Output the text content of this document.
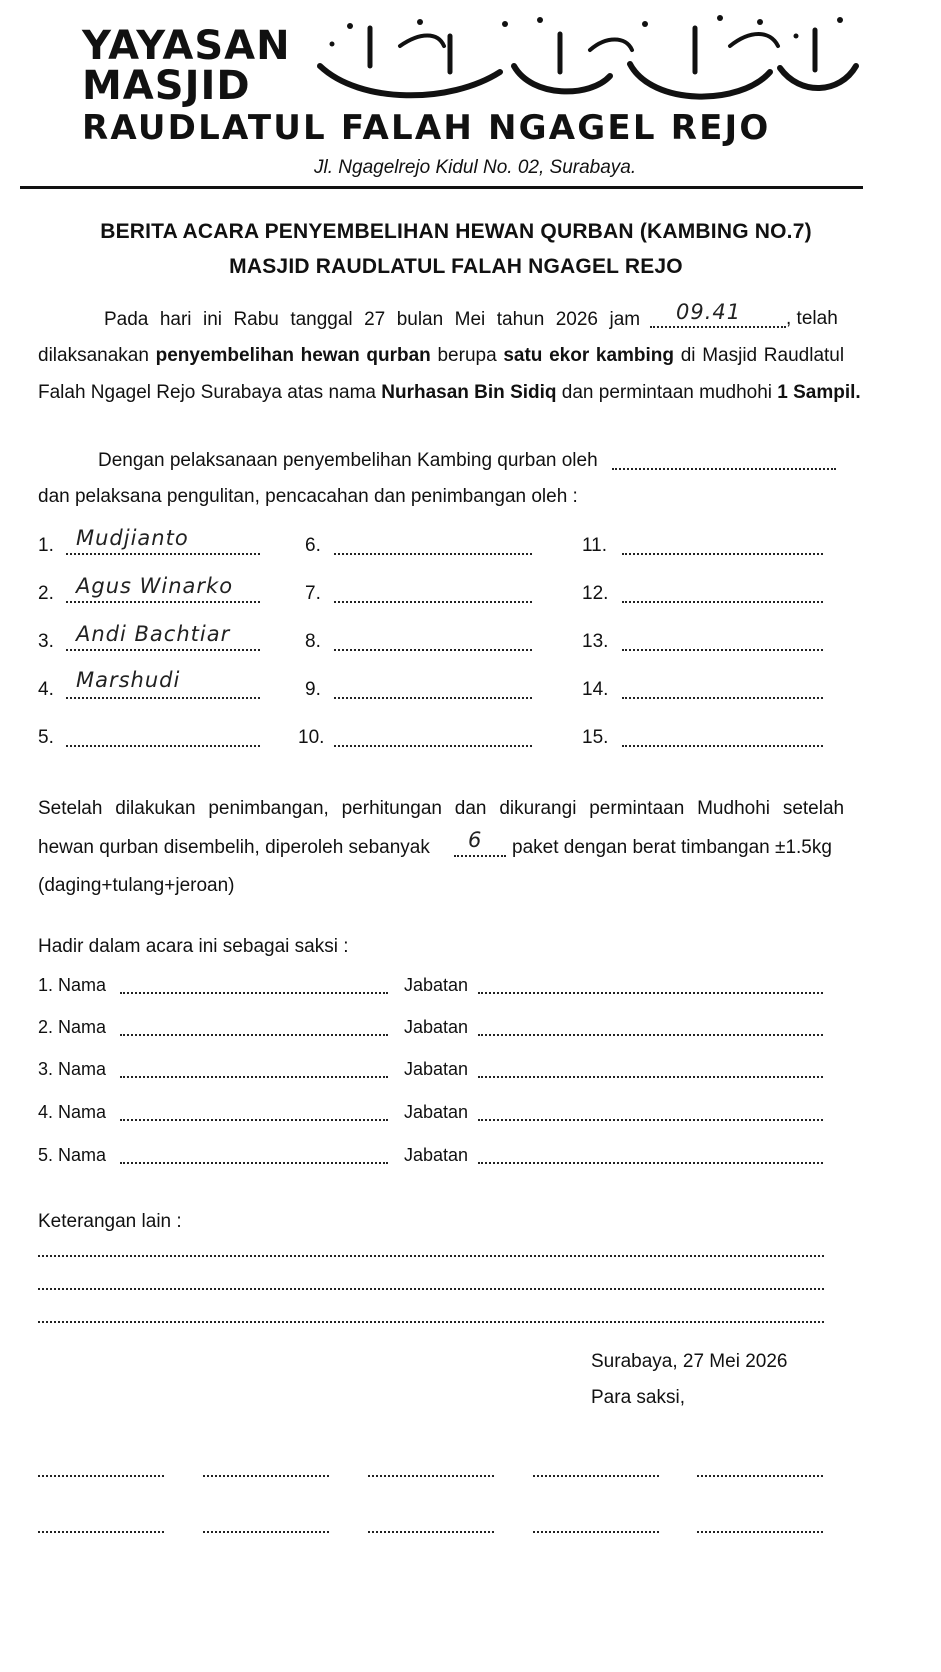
YAYASAN
MASJID
RAUDLATUL FALAH NGAGEL REJO
Jl. Ngagelrejo Kidul No. 02, Surabaya.
BERITA ACARA PENYEMBELIHAN HEWAN QURBAN (KAMBING NO.7)
MASJID RAUDLATUL FALAH NGAGEL REJO
Pada hari ini Rabu tanggal 27 bulan Mei tahun 2026 jam 09.41 , telah
dilaksanakan penyembelihan hewan qurban berupa satu ekor kambing di Masjid Raudlatul
Falah Ngagel Rejo Surabaya atas nama Nurhasan Bin Sidiq dan permintaan mudhohi 1 Sampil.
Dengan pelaksanaan penyembelihan Kambing qurban oleh
dan pelaksana pengulitan, pencacahan dan penimbangan oleh :
1. Mudjianto
2. Agus Winarko
3. Andi Bachtiar
4. Marshudi
5.
6.
7.
8.
9.
10.
11.
12.
13.
14.
15.
Setelah dilakukan penimbangan, perhitungan dan dikurangi permintaan Mudhohi setelah
hewan qurban disembelih, diperoleh sebanyak 6 paket dengan berat timbangan ±1.5kg
(daging+tulang+jeroan)
Hadir dalam acara ini sebagai saksi :
1. Nama	Jabatan
2. Nama	Jabatan
3. Nama	Jabatan
4. Nama	Jabatan
5. Nama	Jabatan
Keterangan lain :
Surabaya, 27 Mei 2026
Para saksi,
